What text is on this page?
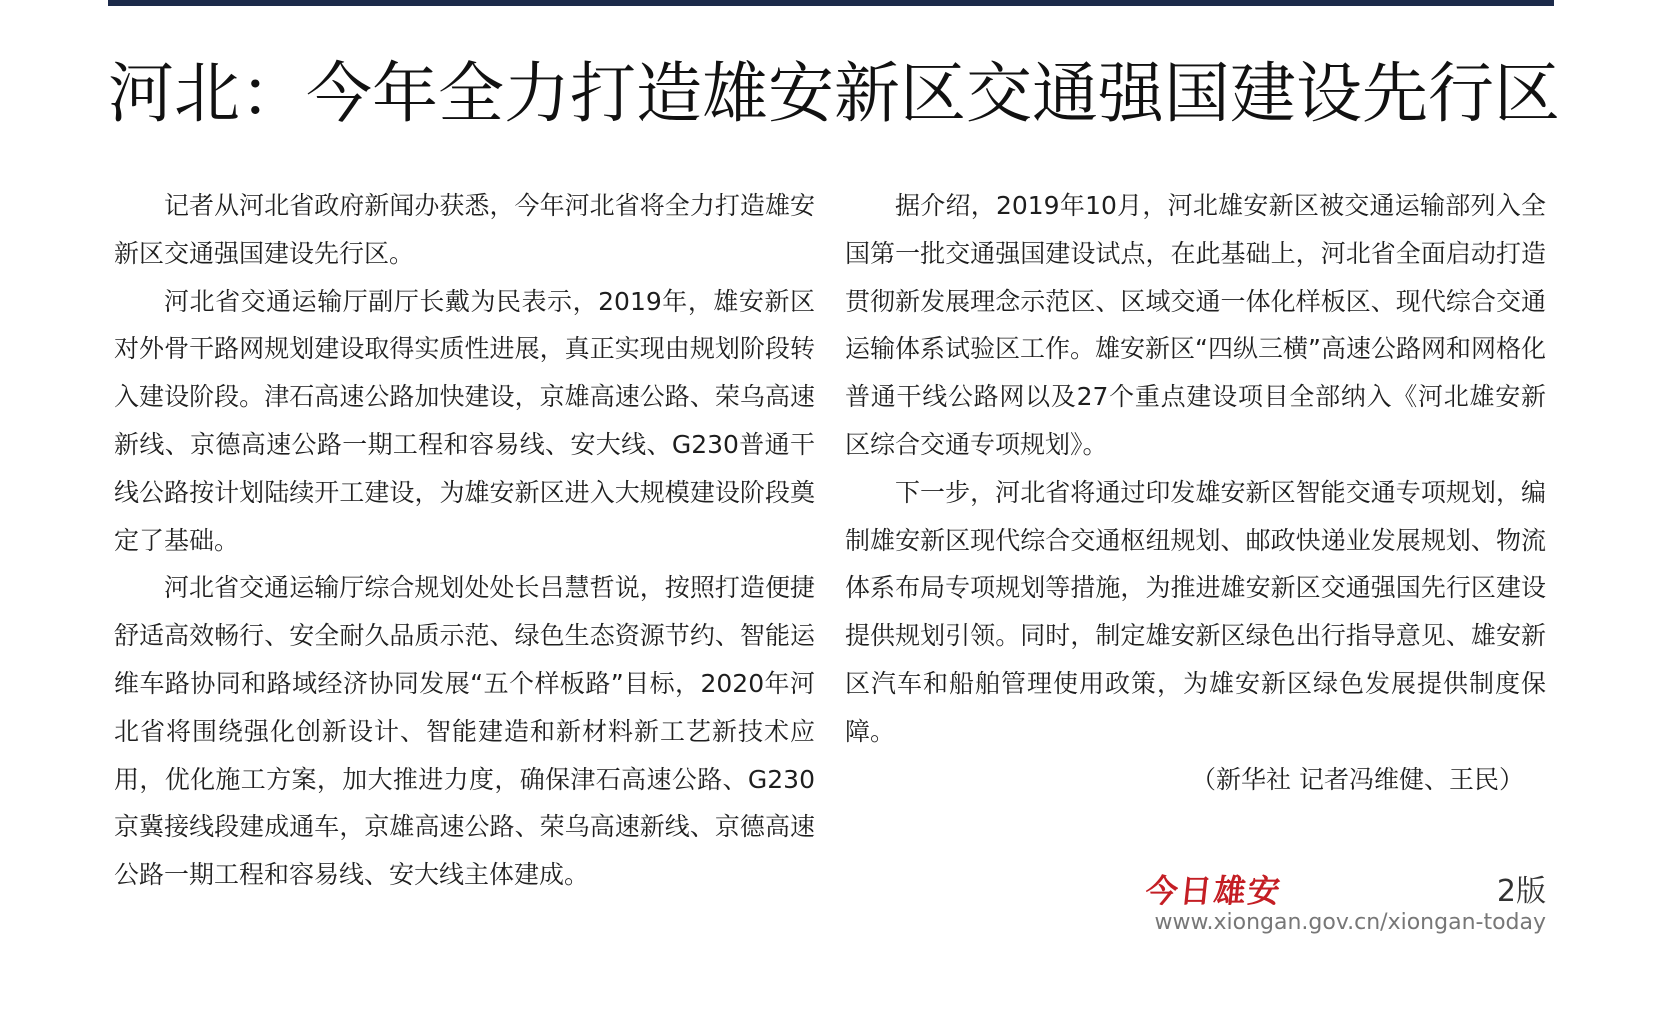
河北：今年全力打造雄安新区交通强国建设先行区

记者从河北省政府新闻办获悉，今年河北省将全力打造雄安新区交通强国建设先行区。

河北省交通运输厅副厅长戴为民表示，2019年，雄安新区对外骨干路网规划建设取得实质性进展，真正实现由规划阶段转入建设阶段。津石高速公路加快建设，京雄高速公路、荣乌高速新线、京德高速公路一期工程和容易线、安大线、G230普通干线公路按计划陆续开工建设，为雄安新区进入大规模建设阶段奠定了基础。

河北省交通运输厅综合规划处处长吕慧哲说，按照打造便捷舒适高效畅行、安全耐久品质示范、绿色生态资源节约、智能运维车路协同和路域经济协同发展“五个样板路”目标，2020年河北省将围绕强化创新设计、智能建造和新材料新工艺新技术应用，优化施工方案，加大推进力度，确保津石高速公路、G230京冀接线段建成通车，京雄高速公路、荣乌高速新线、京德高速公路一期工程和容易线、安大线主体建成。

据介绍，2019年10月，河北雄安新区被交通运输部列入全国第一批交通强国建设试点，在此基础上，河北省全面启动打造贯彻新发展理念示范区、区域交通一体化样板区、现代综合交通运输体系试验区工作。雄安新区“四纵三横”高速公路网和网格化普通干线公路网以及27个重点建设项目全部纳入《河北雄安新区综合交通专项规划》。

下一步，河北省将通过印发雄安新区智能交通专项规划，编制雄安新区现代综合交通枢纽规划、邮政快递业发展规划、物流体系布局专项规划等措施，为推进雄安新区交通强国先行区建设提供规划引领。同时，制定雄安新区绿色出行指导意见、雄安新区汽车和船舶管理使用政策，为雄安新区绿色发展提供制度保障。

（新华社 记者冯维健、王民）

今日雄安	2版
www.xiongan.gov.cn/xiongan-today
